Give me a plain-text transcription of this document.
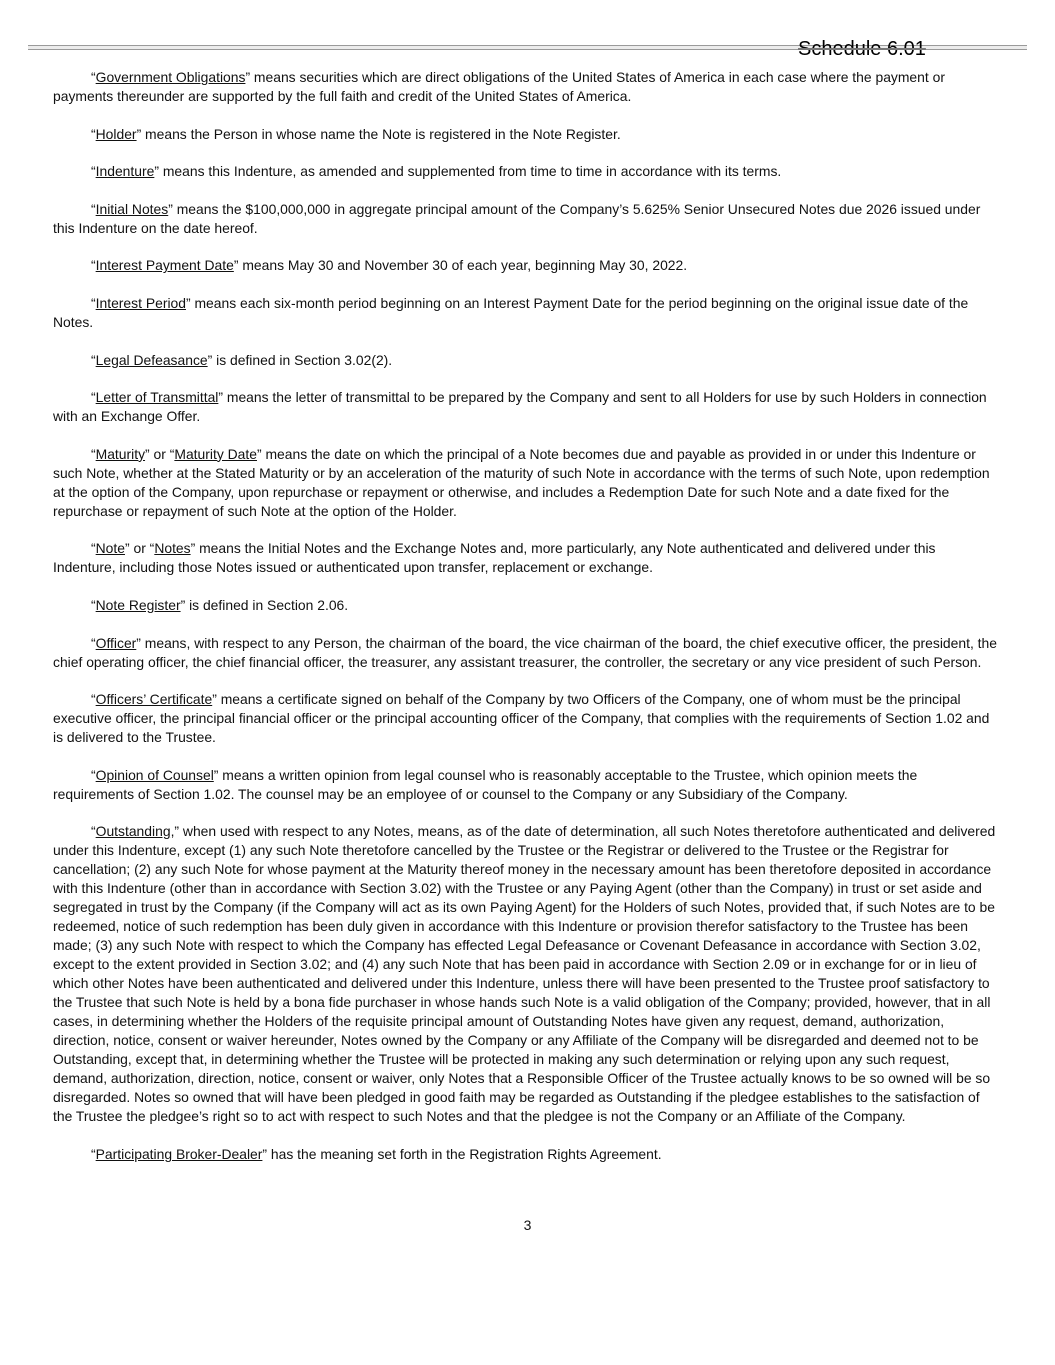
Schedule 6.01

“Government Obligations” means securities which are direct obligations of the United States of America in each case where the payment or payments thereunder are supported by the full faith and credit of the United States of America.

“Holder” means the Person in whose name the Note is registered in the Note Register.

“Indenture” means this Indenture, as amended and supplemented from time to time in accordance with its terms.

“Initial Notes” means the $100,000,000 in aggregate principal amount of the Company’s 5.625% Senior Unsecured Notes due 2026 issued under this Indenture on the date hereof.

“Interest Payment Date” means May 30 and November 30 of each year, beginning May 30, 2022.

“Interest Period” means each six-month period beginning on an Interest Payment Date for the period beginning on the original issue date of the Notes.

“Legal Defeasance” is defined in Section 3.02(2).

“Letter of Transmittal” means the letter of transmittal to be prepared by the Company and sent to all Holders for use by such Holders in connection with an Exchange Offer.

“Maturity” or “Maturity Date” means the date on which the principal of a Note becomes due and payable as provided in or under this Indenture or such Note, whether at the Stated Maturity or by an acceleration of the maturity of such Note in accordance with the terms of such Note, upon redemption at the option of the Company, upon repurchase or repayment or otherwise, and includes a Redemption Date for such Note and a date fixed for the repurchase or repayment of such Note at the option of the Holder.

“Note” or “Notes” means the Initial Notes and the Exchange Notes and, more particularly, any Note authenticated and delivered under this Indenture, including those Notes issued or authenticated upon transfer, replacement or exchange.

“Note Register” is defined in Section 2.06.

“Officer” means, with respect to any Person, the chairman of the board, the vice chairman of the board, the chief executive officer, the president, the chief operating officer, the chief financial officer, the treasurer, any assistant treasurer, the controller, the secretary or any vice president of such Person.

“Officers’ Certificate” means a certificate signed on behalf of the Company by two Officers of the Company, one of whom must be the principal executive officer, the principal financial officer or the principal accounting officer of the Company, that complies with the requirements of Section 1.02 and is delivered to the Trustee.

“Opinion of Counsel” means a written opinion from legal counsel who is reasonably acceptable to the Trustee, which opinion meets the requirements of Section 1.02. The counsel may be an employee of or counsel to the Company or any Subsidiary of the Company.

“Outstanding,” when used with respect to any Notes, means, as of the date of determination, all such Notes theretofore authenticated and delivered under this Indenture, except (1) any such Note theretofore cancelled by the Trustee or the Registrar or delivered to the Trustee or the Registrar for cancellation; (2) any such Note for whose payment at the Maturity thereof money in the necessary amount has been theretofore deposited in accordance with this Indenture (other than in accordance with Section 3.02) with the Trustee or any Paying Agent (other than the Company) in trust or set aside and segregated in trust by the Company (if the Company will act as its own Paying Agent) for the Holders of such Notes, provided that, if such Notes are to be redeemed, notice of such redemption has been duly given in accordance with this Indenture or provision therefor satisfactory to the Trustee has been made; (3) any such Note with respect to which the Company has effected Legal Defeasance or Covenant Defeasance in accordance with Section 3.02, except to the extent provided in Section 3.02; and (4) any such Note that has been paid in accordance with Section 2.09 or in exchange for or in lieu of which other Notes have been authenticated and delivered under this Indenture, unless there will have been presented to the Trustee proof satisfactory to the Trustee that such Note is held by a bona fide purchaser in whose hands such Note is a valid obligation of the Company; provided, however, that in all cases, in determining whether the Holders of the requisite principal amount of Outstanding Notes have given any request, demand, authorization, direction, notice, consent or waiver hereunder, Notes owned by the Company or any Affiliate of the Company will be disregarded and deemed not to be Outstanding, except that, in determining whether the Trustee will be protected in making any such determination or relying upon any such request, demand, authorization, direction, notice, consent or waiver, only Notes that a Responsible Officer of the Trustee actually knows to be so owned will be so disregarded. Notes so owned that will have been pledged in good faith may be regarded as Outstanding if the pledgee establishes to the satisfaction of the Trustee the pledgee’s right so to act with respect to such Notes and that the pledgee is not the Company or an Affiliate of the Company.

“Participating Broker-Dealer” has the meaning set forth in the Registration Rights Agreement.

3
